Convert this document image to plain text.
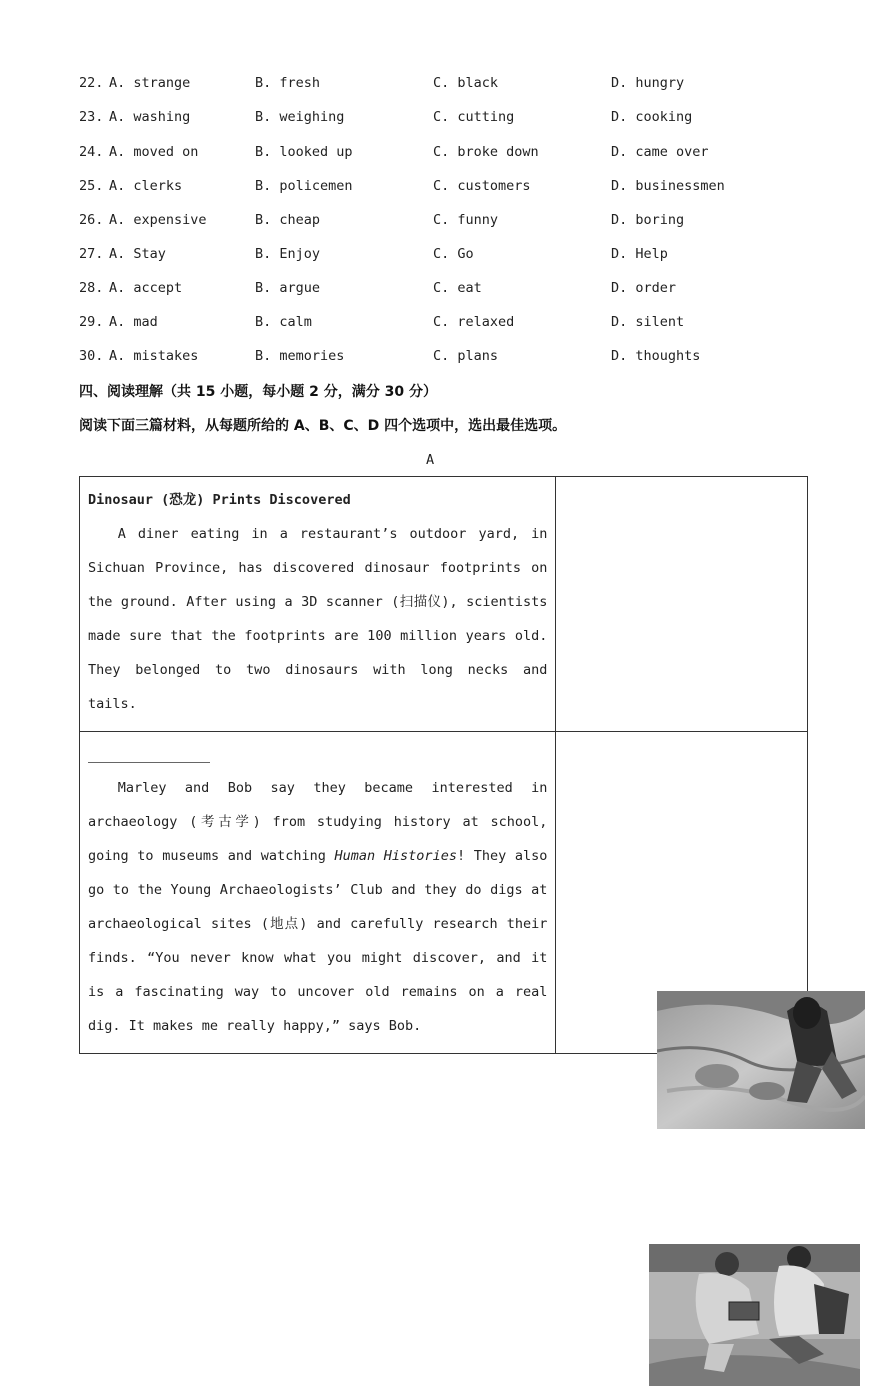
22. A. strange	B. fresh	C. black	D. hungry
23. A. washing	B. weighing	C. cutting	D. cooking
24. A. moved on	B. looked up	C. broke down	D. came over
25. A. clerks	B. policemen	C. customers	D. businessmen
26. A. expensive	B. cheap	C. funny	D. boring
27. A. Stay	B. Enjoy	C. Go	D. Help
28. A. accept	B. argue	C. eat	D. order
29. A. mad	B. calm	C. relaxed	D. silent
30. A. mistakes	B. memories	C. plans	D. thoughts
四、阅读理解（共 15 小题，每小题 2 分，满分 30 分）
阅读下面三篇材料，从每题所给的 A、B、C、D 四个选项中，选出最佳选项。
A
Dinosaur (恐龙) Prints Discovered
A diner eating in a restaurant’s outdoor yard, in Sichuan Province, has discovered dinosaur footprints on the ground. After using a 3D scanner (扫描仪), scientists made sure that the footprints are 100 million years old. They belonged to two dinosaurs with long necks and tails.

Marley and Bob say they became interested in archaeology (考古学) from studying history at school, going to museums and watching Human Histories! They also go to the Young Archaeologists’ Club and they do digs at archaeological sites (地点) and carefully research their finds. “You never know what you might discover, and it is a fascinating way to uncover old remains on a real dig. It makes me really happy,” says Bob.
